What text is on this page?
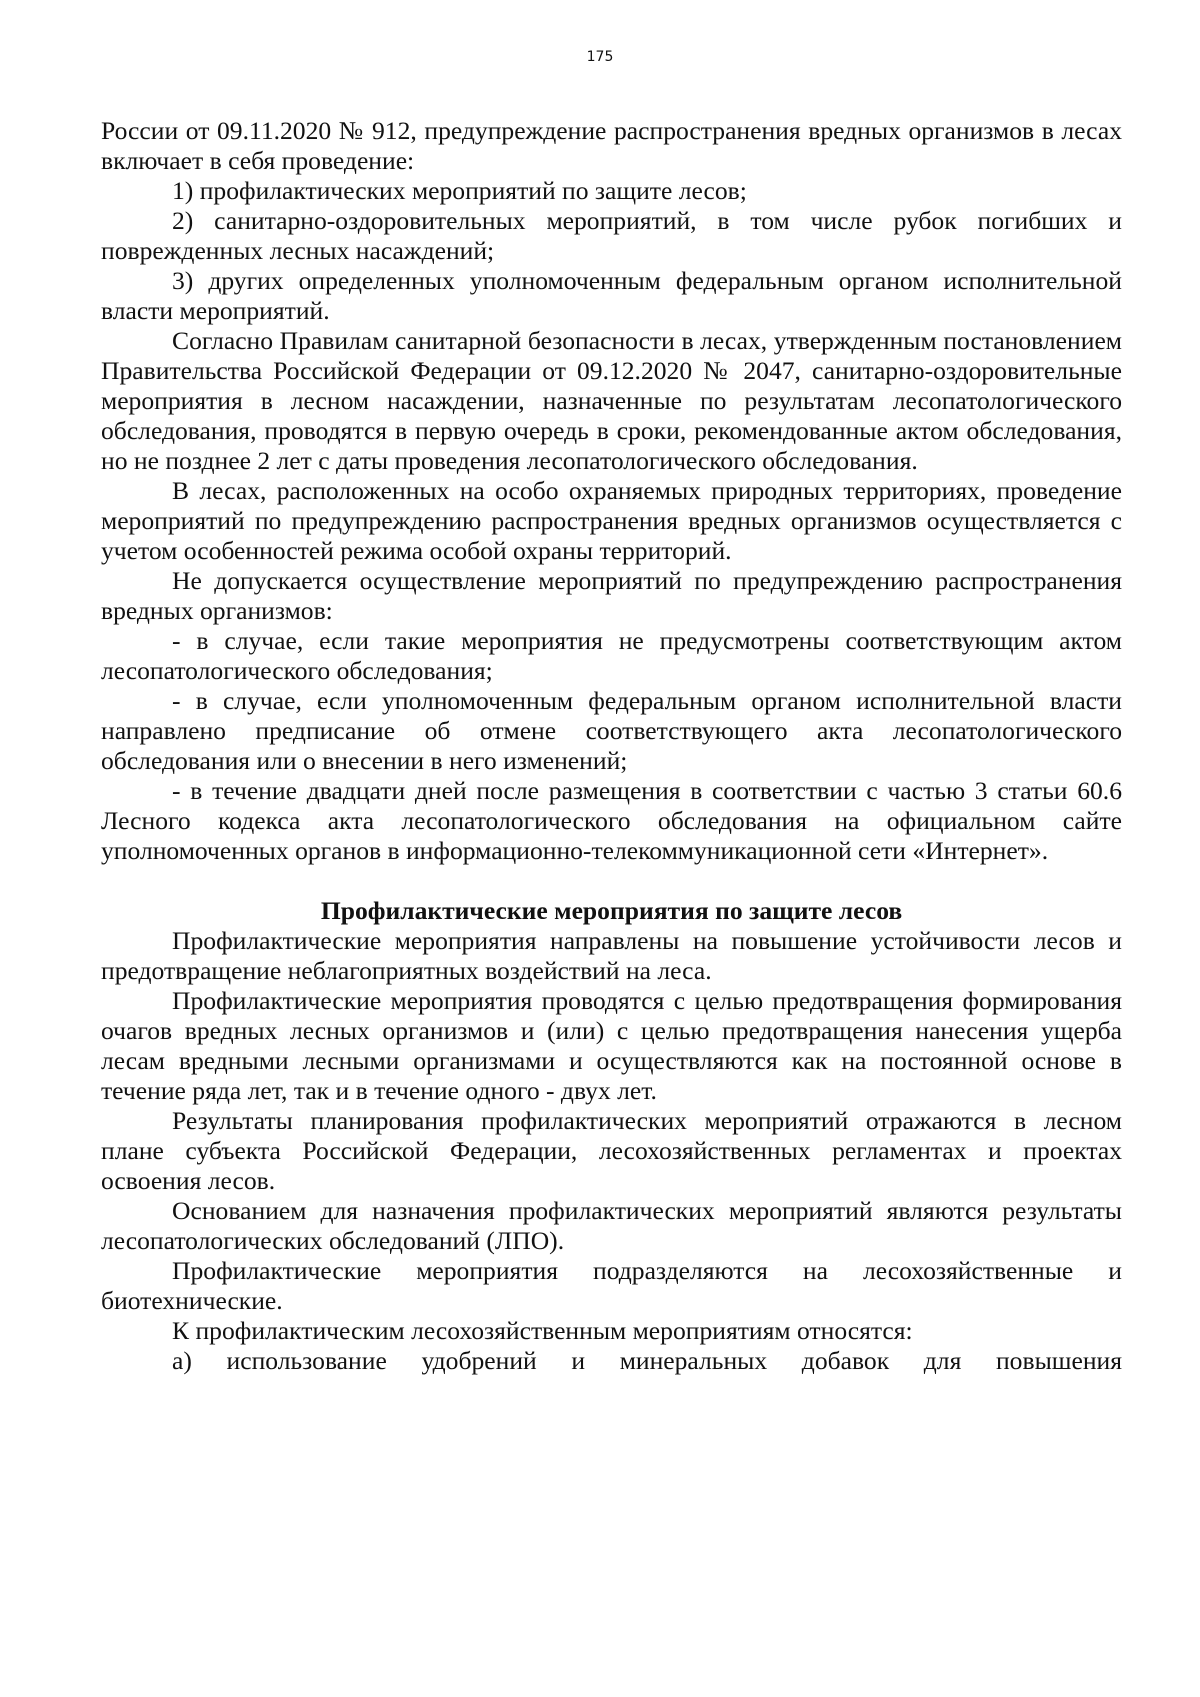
175

России от 09.11.2020 № 912, предупреждение распространения вредных организмов в лесах включает в себя проведение:

1) профилактических мероприятий по защите лесов;

2) санитарно-оздоровительных мероприятий, в том числе рубок погибших и поврежденных лесных насаждений;

3) других определенных уполномоченным федеральным органом исполнительной власти мероприятий.

Согласно Правилам санитарной безопасности в лесах, утвержденным постановлением Правительства Российской Федерации от 09.12.2020 № 2047, санитарно-оздоровительные мероприятия в лесном насаждении, назначенные по результатам лесопатологического обследования, проводятся в первую очередь в сроки, рекомендованные актом обследования, но не позднее 2 лет с даты проведения лесопатологического обследования.

В лесах, расположенных на особо охраняемых природных территориях, проведение мероприятий по предупреждению распространения вредных организмов осуществляется с учетом особенностей режима особой охраны территорий.

Не допускается осуществление мероприятий по предупреждению распространения вредных организмов:

- в случае, если такие мероприятия не предусмотрены соответствующим актом лесопатологического обследования;

- в случае, если уполномоченным федеральным органом исполнительной власти направлено предписание об отмене соответствующего акта лесопатологического обследования или о внесении в него изменений;

- в течение двадцати дней после размещения в соответствии с частью 3 статьи 60.6 Лесного кодекса акта лесопатологического обследования на официальном сайте уполномоченных органов в информационно-телекоммуникационной сети «Интернет».

Профилактические мероприятия по защите лесов

Профилактические мероприятия направлены на повышение устойчивости лесов и предотвращение неблагоприятных воздействий на леса.

Профилактические мероприятия проводятся с целью предотвращения формирования очагов вредных лесных организмов и (или) с целью предотвращения нанесения ущерба лесам вредными лесными организмами и осуществляются как на постоянной основе в течение ряда лет, так и в течение одного - двух лет.

Результаты планирования профилактических мероприятий отражаются в лесном плане субъекта Российской Федерации, лесохозяйственных регламентах и проектах освоения лесов.

Основанием для назначения профилактических мероприятий являются результаты лесопатологических обследований (ЛПО).

Профилактические мероприятия подразделяются на лесохозяйственные и биотехнические.

К профилактическим лесохозяйственным мероприятиям относятся:

а) использование удобрений и минеральных добавок для повышения
